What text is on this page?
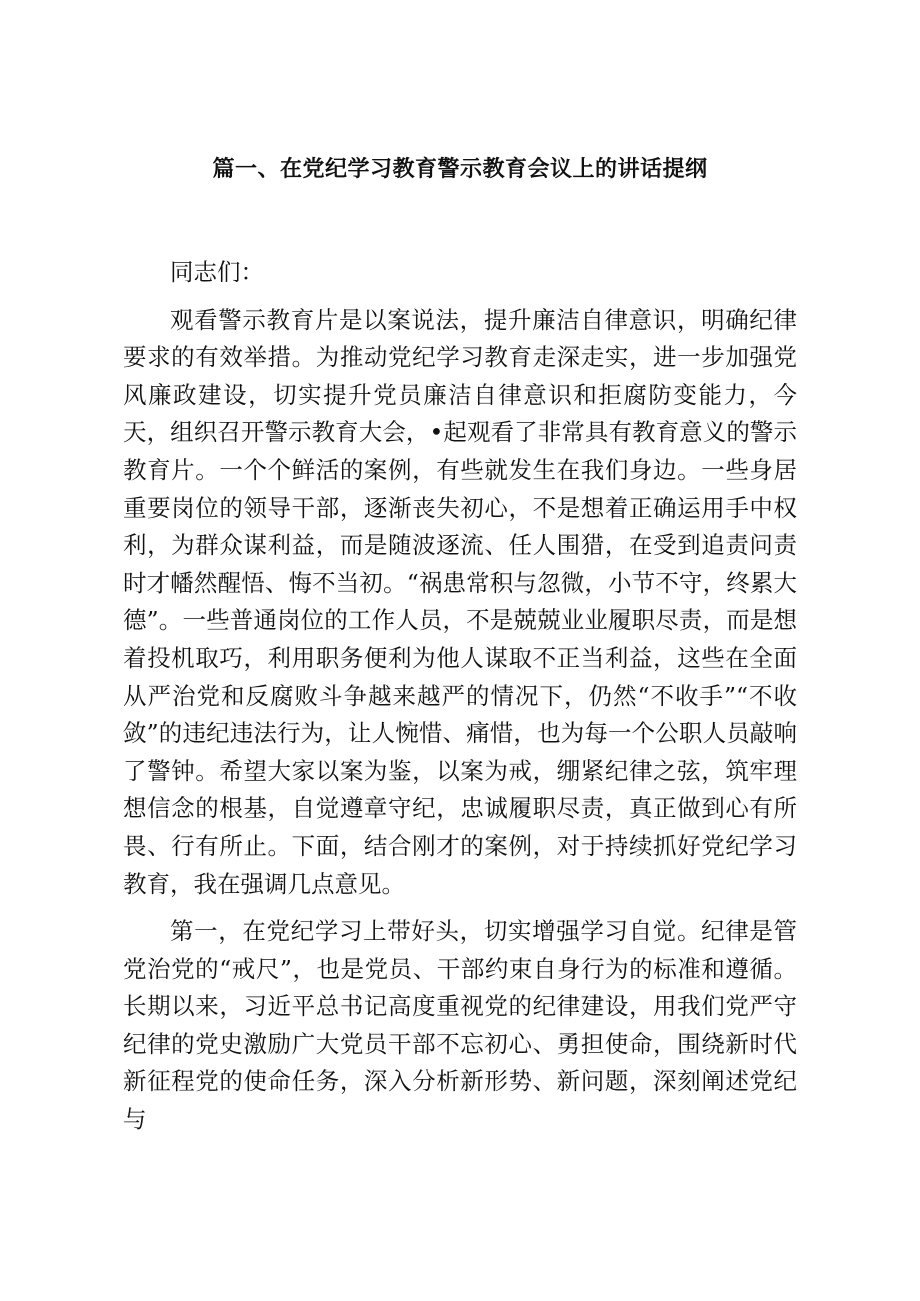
篇一、在党纪学习教育警示教育会议上的讲话提纲

同志们：

观看警示教育片是以案说法，提升廉洁自律意识，明确纪律要求的有效举措。为推动党纪学习教育走深走实，进一步加强党风廉政建设，切实提升党员廉洁自律意识和拒腐防变能力，今天，组织召开警示教育大会，•起观看了非常具有教育意义的警示教育片。一个个鲜活的案例，有些就发生在我们身边。一些身居重要岗位的领导干部，逐渐丧失初心，不是想着正确运用手中权利，为群众谋利益，而是随波逐流、任人围猎，在受到追责问责时才幡然醒悟、悔不当初。“祸患常积与忽微，小节不守，终累大德”。一些普通岗位的工作人员，不是兢兢业业履职尽责，而是想着投机取巧，利用职务便利为他人谋取不正当利益，这些在全面从严治党和反腐败斗争越来越严的情况下，仍然“不收手”“不收敛”的违纪违法行为，让人惋惜、痛惜，也为每一个公职人员敲响了警钟。希望大家以案为鉴，以案为戒，绷紧纪律之弦，筑牢理想信念的根基，自觉遵章守纪，忠诚履职尽责，真正做到心有所畏、行有所止。下面，结合刚才的案例，对于持续抓好党纪学习教育，我在强调几点意见。

第一，在党纪学习上带好头，切实增强学习自觉。纪律是管党治党的“戒尺”，也是党员、干部约束自身行为的标准和遵循。长期以来，习近平总书记高度重视党的纪律建设，用我们党严守纪律的党史激励广大党员干部不忘初心、勇担使命，围绕新时代新征程党的使命任务，深入分析新形势、新问题，深刻阐述党纪与
